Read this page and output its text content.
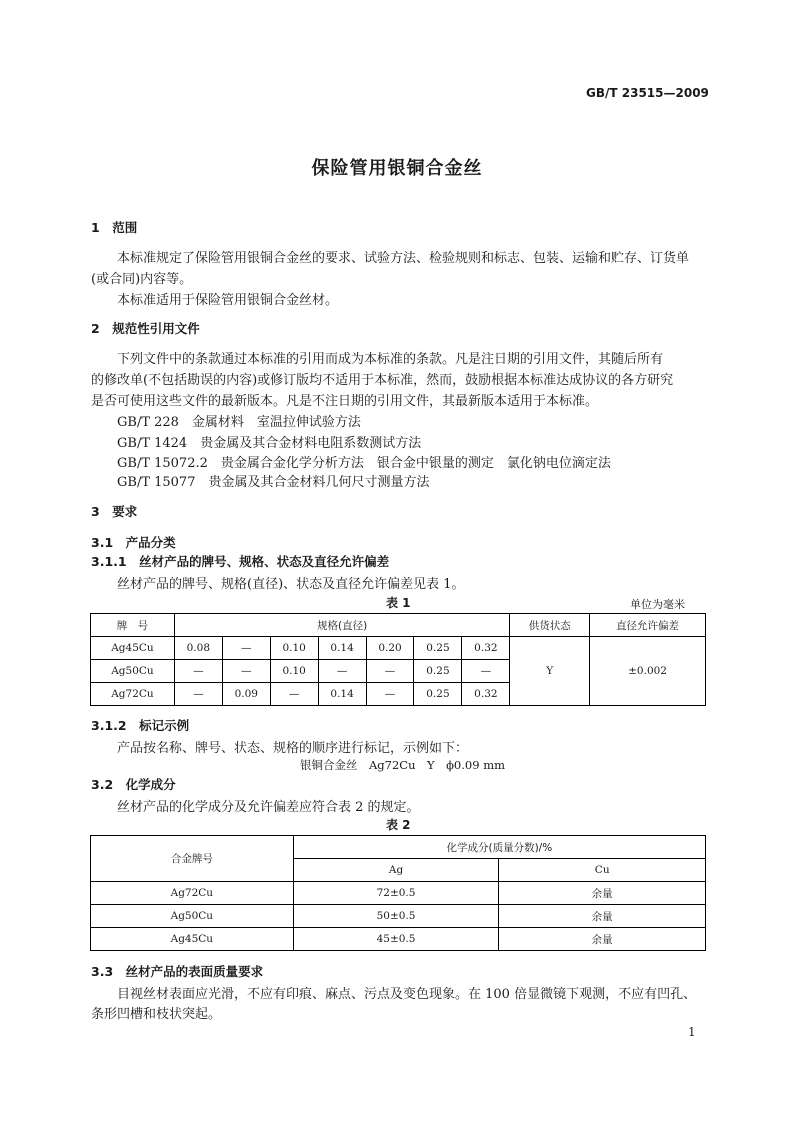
GB/T 23515—2009
保险管用银铜合金丝
1　范围
本标准规定了保险管用银铜合金丝的要求、试验方法、检验规则和标志、包装、运输和贮存、订货单
(或合同)内容等。
本标准适用于保险管用银铜合金丝材。
2　规范性引用文件
下列文件中的条款通过本标准的引用而成为本标准的条款。凡是注日期的引用文件，其随后所有
的修改单(不包括勘误的内容)或修订版均不适用于本标准，然而，鼓励根据本标准达成协议的各方研究
是否可使用这些文件的最新版本。凡是不注日期的引用文件，其最新版本适用于本标准。
GB/T 228　金属材料　室温拉伸试验方法
GB/T 1424　贵金属及其合金材料电阻系数测试方法
GB/T 15072.2　贵金属合金化学分析方法　银合金中银量的测定　氯化钠电位滴定法
GB/T 15077　贵金属及其合金材料几何尺寸测量方法
3　要求
3.1　产品分类
3.1.1　丝材产品的牌号、规格、状态及直径允许偏差
丝材产品的牌号、规格(直径)、状态及直径允许偏差见表 1。
表 1	单位为毫米
牌　号	规格(直径)							供货状态	直径允许偏差
Ag45Cu	0.08	—	0.10	0.14	0.20	0.25	0.32	Y	±0.002
Ag50Cu	—	—	0.10	—	—	0.25	—		
Ag72Cu	—	0.09	—	0.14	—	0.25	0.32		
3.1.2　标记示例
产品按名称、牌号、状态、规格的顺序进行标记，示例如下：
银铜合金丝　Ag72Cu　Y　ϕ0.09 mm
3.2　化学成分
丝材产品的化学成分及允许偏差应符合表 2 的规定。
表 2
合金牌号	化学成分(质量分数)/%	
	Ag	Cu
Ag72Cu	72±0.5	余量
Ag50Cu	50±0.5	余量
Ag45Cu	45±0.5	余量
3.3　丝材产品的表面质量要求
目视丝材表面应光滑，不应有印痕、麻点、污点及变色现象。在 100 倍显微镜下观测，不应有凹孔、
条形凹槽和枝状突起。
1
